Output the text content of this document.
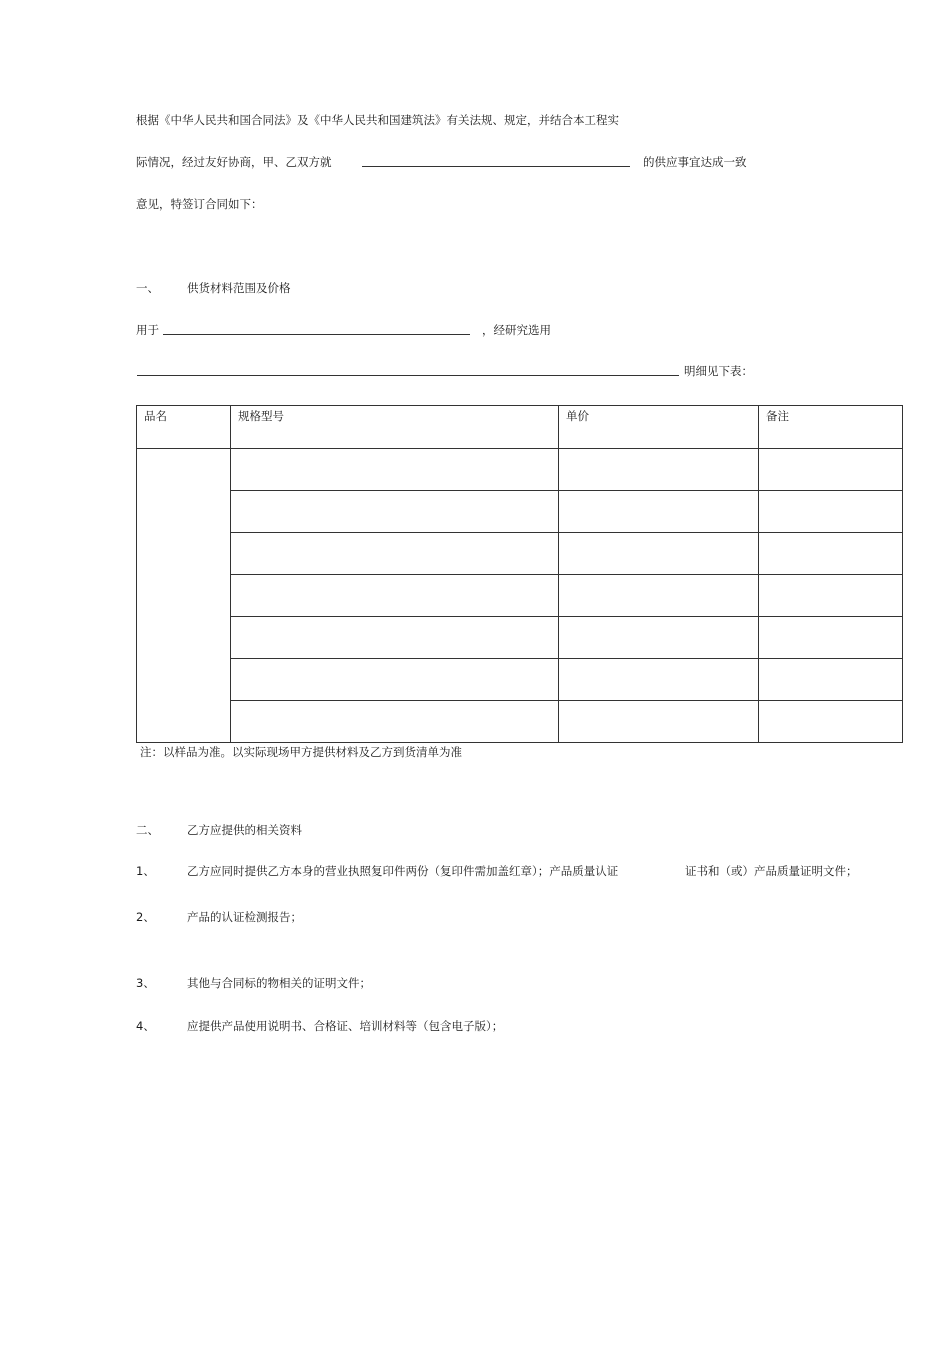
根据《中华人民共和国合同法》及《中华人民共和国建筑法》有关法规、规定，并结合本工程实
际情况，经过友好协商，甲、乙双方就	的供应事宜达成一致
意见，特签订合同如下：
一、 供货材料范围及价格
用于	，经研究选用
明细见下表：
品名	规格型号	单价	备注

注：以样品为准。以实际现场甲方提供材料及乙方到货清单为准
二、 乙方应提供的相关资料
1、	乙方应同时提供乙方本身的营业执照复印件两份（复印件需加盖红章）；产品质量认证	证书和（或）产品质量证明文件；
2、	产品的认证检测报告；
3、	其他与合同标的物相关的证明文件；
4、	应提供产品使用说明书、合格证、培训材料等（包含电子版）；
